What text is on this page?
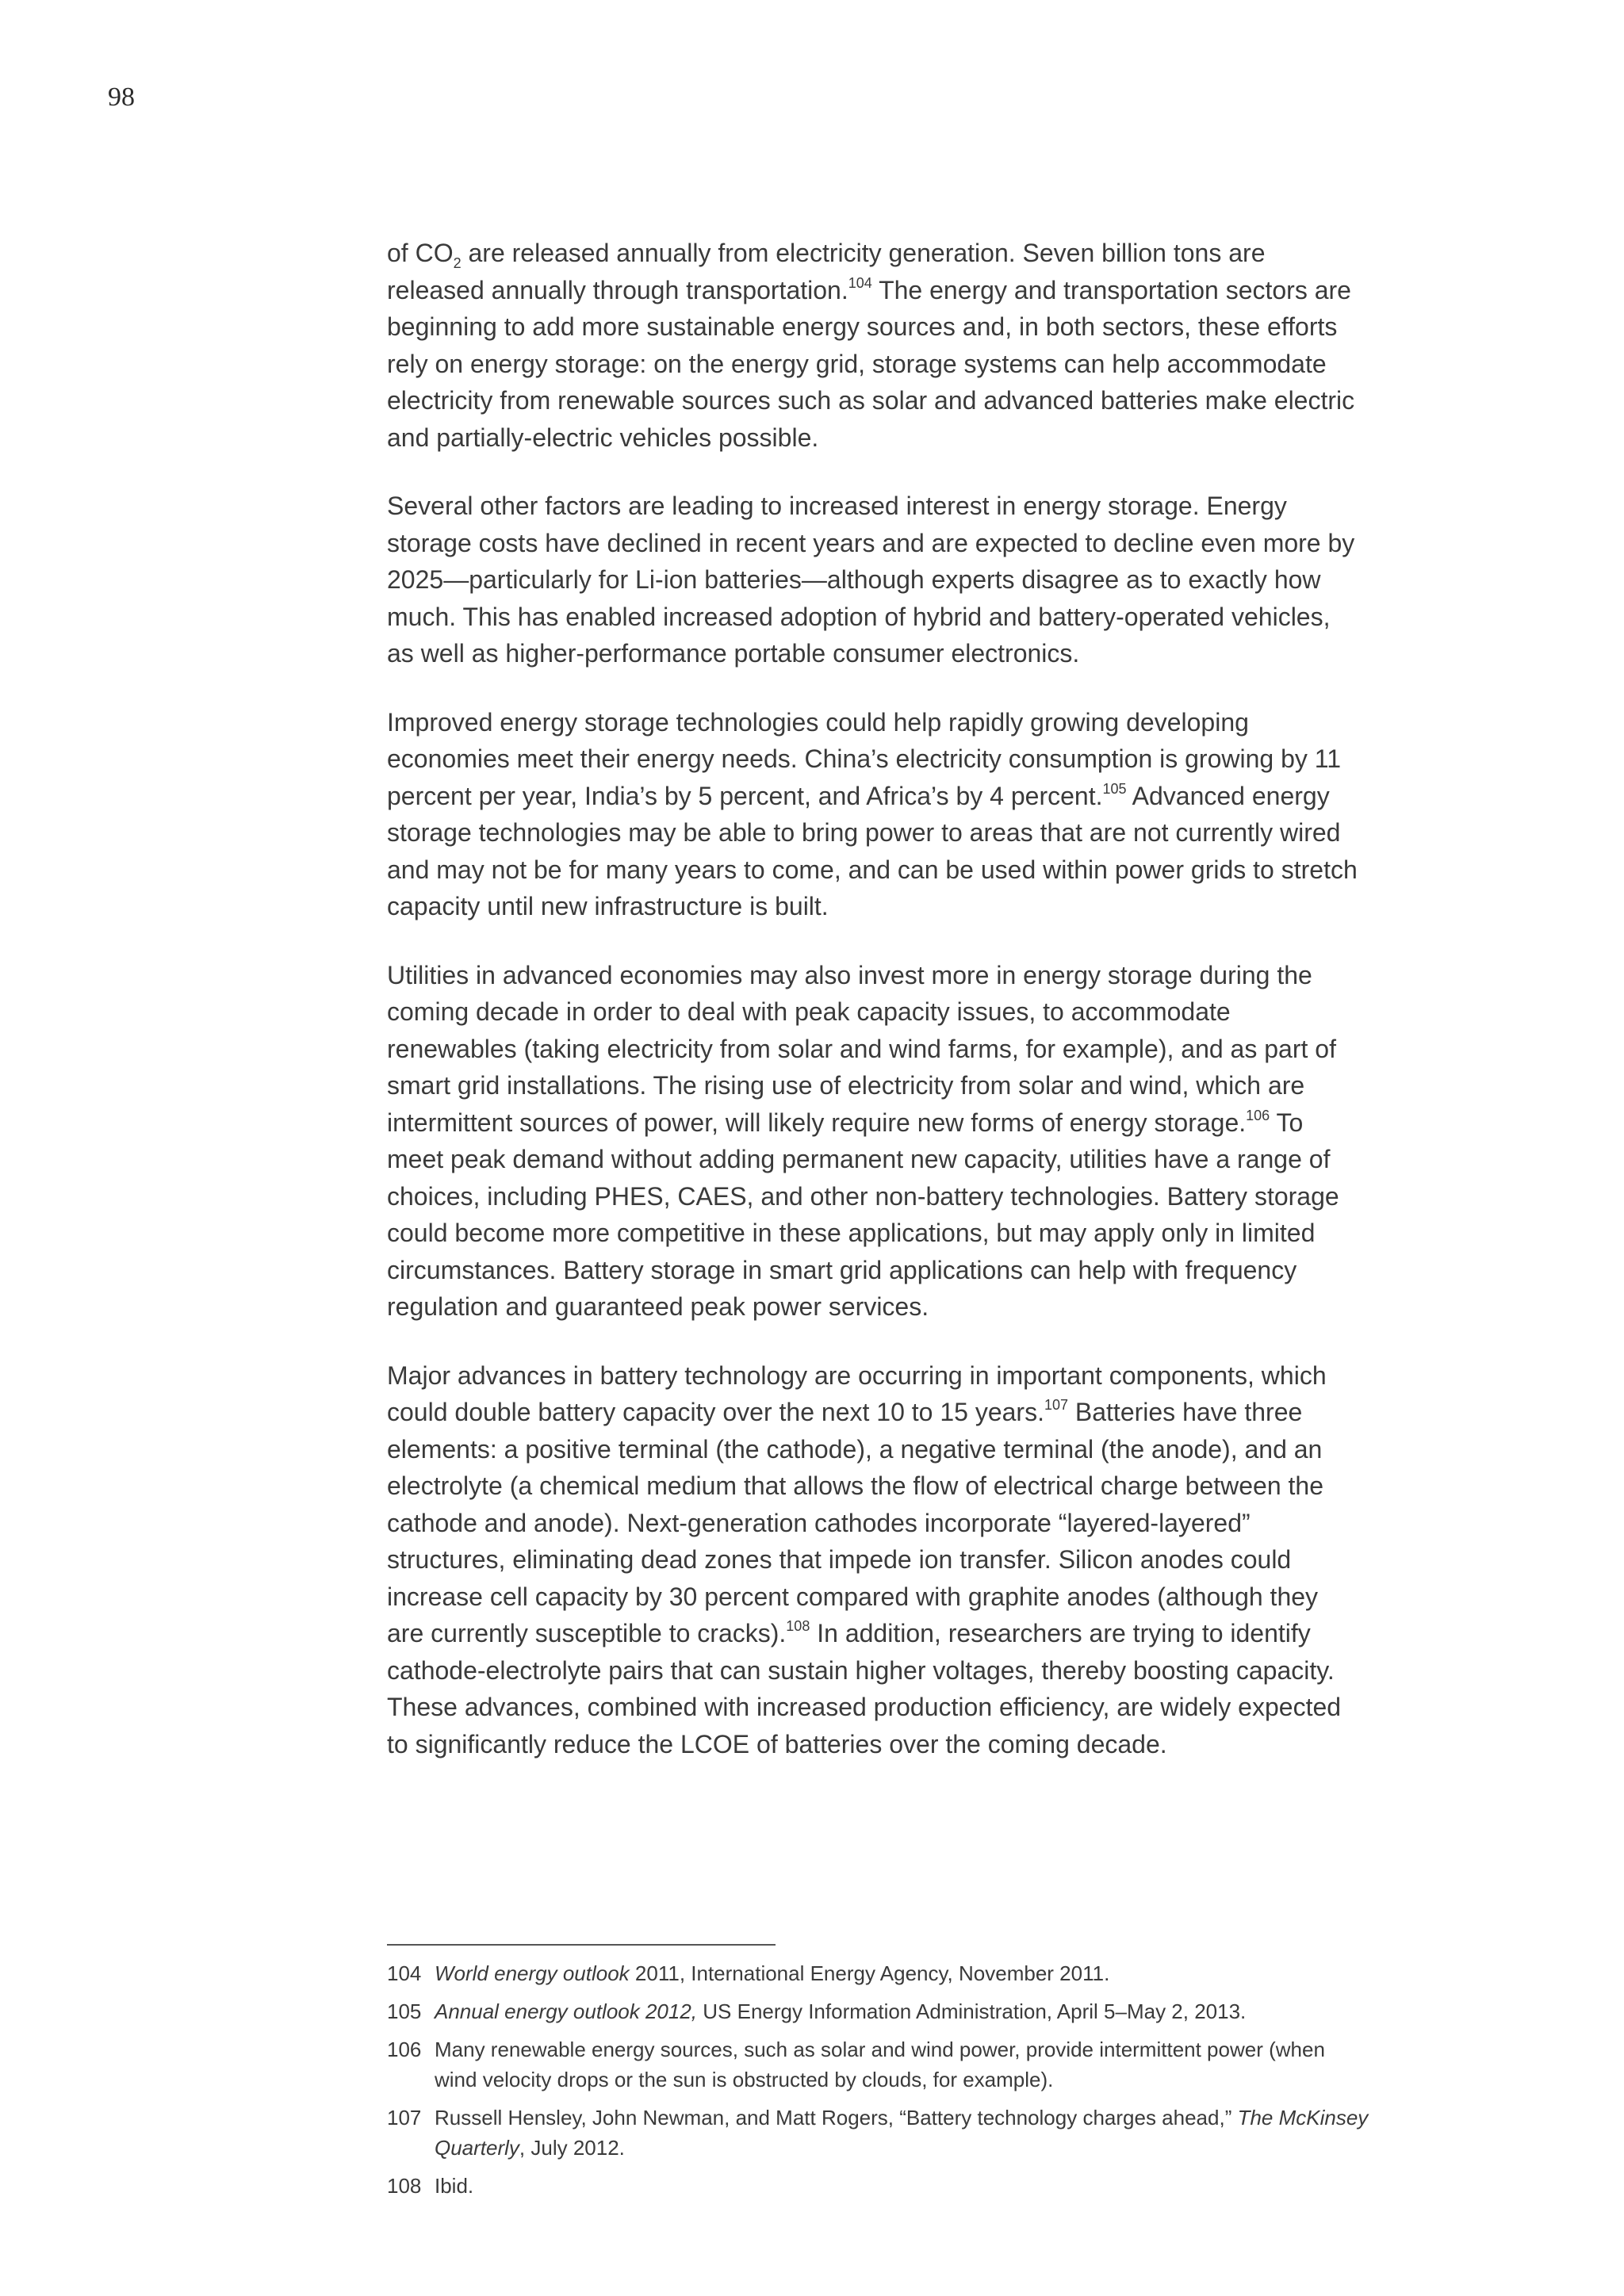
98

of $CO_2$ are released annually from electricity generation. Seven billion tons are released annually through transportation.$^{104}$ The energy and transportation sectors are beginning to add more sustainable energy sources and, in both sectors, these efforts rely on energy storage: on the energy grid, storage systems can help accommodate electricity from renewable sources such as solar and advanced batteries make electric and partially-electric vehicles possible.

Several other factors are leading to increased interest in energy storage. Energy storage costs have declined in recent years and are expected to decline even more by 2025—particularly for Li-ion batteries—although experts disagree as to exactly how much. This has enabled increased adoption of hybrid and battery-operated vehicles, as well as higher-performance portable consumer electronics.

Improved energy storage technologies could help rapidly growing developing economies meet their energy needs. China’s electricity consumption is growing by 11 percent per year, India’s by 5 percent, and Africa’s by 4 percent.$^{105}$ Advanced energy storage technologies may be able to bring power to areas that are not currently wired and may not be for many years to come, and can be used within power grids to stretch capacity until new infrastructure is built.

Utilities in advanced economies may also invest more in energy storage during the coming decade in order to deal with peak capacity issues, to accommodate renewables (taking electricity from solar and wind farms, for example), and as part of smart grid installations. The rising use of electricity from solar and wind, which are intermittent sources of power, will likely require new forms of energy storage.$^{106}$ To meet peak demand without adding permanent new capacity, utilities have a range of choices, including PHES, CAES, and other non-battery technologies. Battery storage could become more competitive in these applications, but may apply only in limited circumstances. Battery storage in smart grid applications can help with frequency regulation and guaranteed peak power services.

Major advances in battery technology are occurring in important components, which could double battery capacity over the next 10 to 15 years.$^{107}$ Batteries have three elements: a positive terminal (the cathode), a negative terminal (the anode), and an electrolyte (a chemical medium that allows the flow of electrical charge between the cathode and anode). Next-generation cathodes incorporate “layered-layered” structures, eliminating dead zones that impede ion transfer. Silicon anodes could increase cell capacity by 30 percent compared with graphite anodes (although they are currently susceptible to cracks).$^{108}$ In addition, researchers are trying to identify cathode-electrolyte pairs that can sustain higher voltages, thereby boosting capacity. These advances, combined with increased production efficiency, are widely expected to significantly reduce the LCOE of batteries over the coming decade.

104 World energy outlook 2011, International Energy Agency, November 2011.
105 Annual energy outlook 2012, US Energy Information Administration, April 5–May 2, 2013.
106 Many renewable energy sources, such as solar and wind power, provide intermittent power (when wind velocity drops or the sun is obstructed by clouds, for example).
107 Russell Hensley, John Newman, and Matt Rogers, “Battery technology charges ahead,” The McKinsey Quarterly, July 2012.
108 Ibid.
